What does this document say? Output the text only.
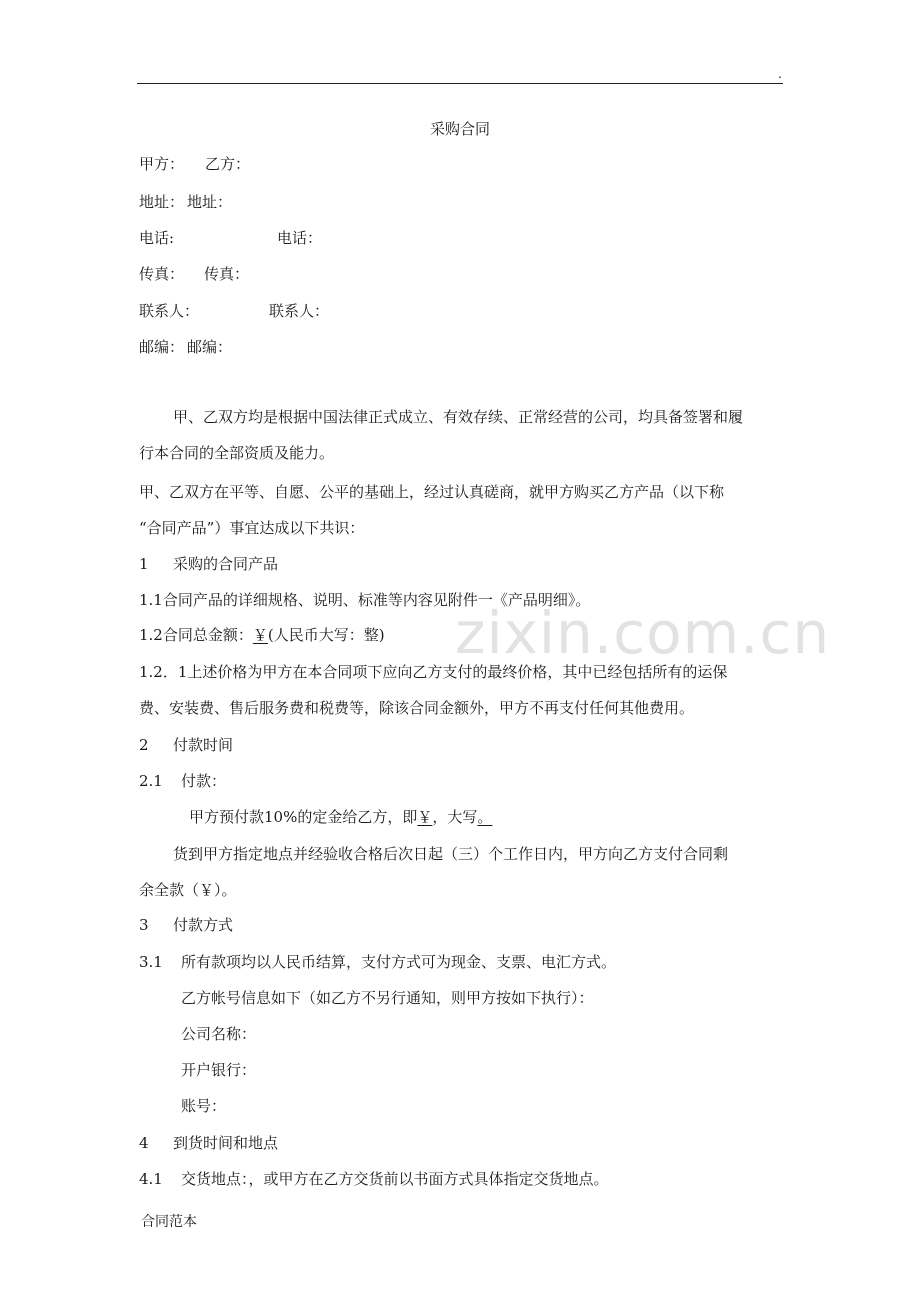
.
采购合同
甲方： 乙方：
地址： 地址：
电话:	电话：
传真： 传真：
联系人：	联系人：
邮编： 邮编：
甲、乙双方均是根据中国法律正式成立、有效存续、正常经营的公司，均具备签署和履
行本合同的全部资质及能力。
甲、乙双方在平等、自愿、公平的基础上，经过认真磋商，就甲方购买乙方产品（以下称
“合同产品”）事宜达成以下共识：
1 采购的合同产品
1.1合同产品的详细规格、说明、标准等内容见附件一《产品明细》。
1.2合同总金额：￥(人民币大写：整)
1.2．1上述价格为甲方在本合同项下应向乙方支付的最终价格，其中已经包括所有的运保
费、安装费、售后服务费和税费等，除该合同金额外，甲方不再支付任何其他费用。
2 付款时间
2.1 付款：
甲方预付款10%的定金给乙方，即￥，大写。
货到甲方指定地点并经验收合格后次日起（三）个工作日内，甲方向乙方支付合同剩
余全款（￥）。
3 付款方式
3.1 所有款项均以人民币结算，支付方式可为现金、支票、电汇方式。
乙方帐号信息如下（如乙方不另行通知，则甲方按如下执行）：
公司名称：
开户银行：
账号：
4 到货时间和地点
4.1 交货地点：，或甲方在乙方交货前以书面方式具体指定交货地点。
zixin.com.cn
合同范本
